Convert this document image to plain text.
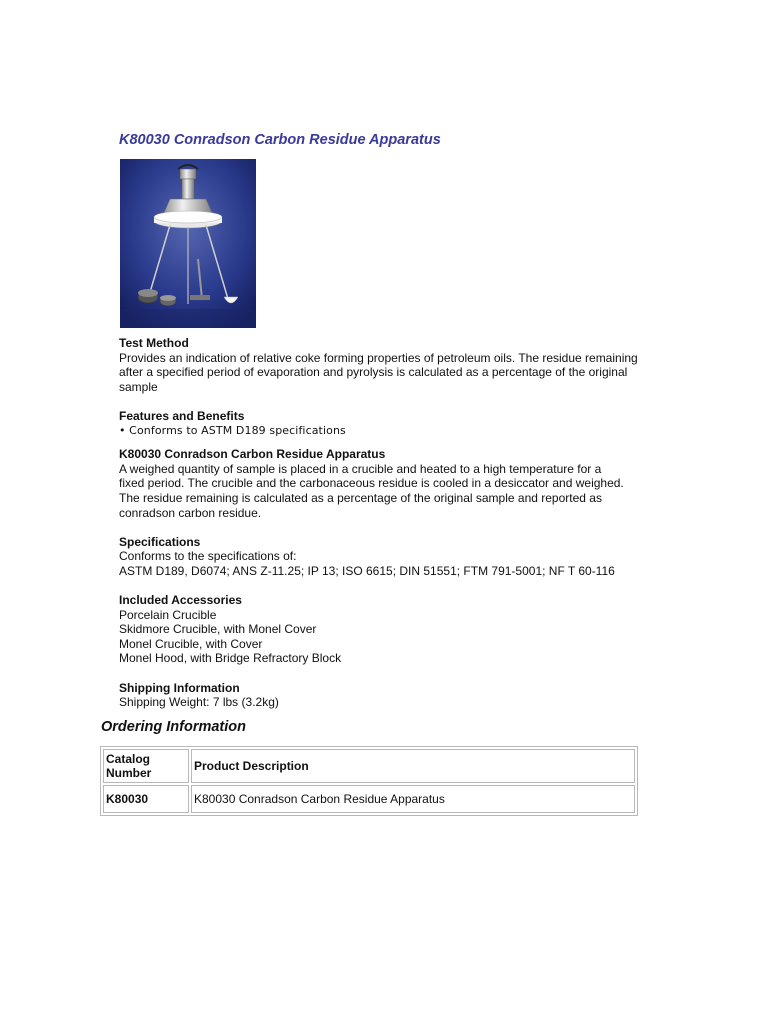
K80030 Conradson Carbon Residue Apparatus
Test Method
Provides an indication of relative coke forming properties of petroleum oils. The residue remaining
after a specified period of evaporation and pyrolysis is calculated as a percentage of the original
sample
Features and Benefits
• Conforms to ASTM D189 specifications
K80030 Conradson Carbon Residue Apparatus
A weighed quantity of sample is placed in a crucible and heated to a high temperature for a
fixed period. The crucible and the carbonaceous residue is cooled in a desiccator and weighed.
The residue remaining is calculated as a percentage of the original sample and reported as
conradson carbon residue.
Specifications
Conforms to the specifications of:
ASTM D189, D6074; ANS Z-11.25; IP 13; ISO 6615; DIN 51551; FTM 791-5001; NF T 60-116
Included Accessories
Porcelain Crucible
Skidmore Crucible, with Monel Cover
Monel Crucible, with Cover
Monel Hood, with Bridge Refractory Block
Shipping Information
Shipping Weight: 7 lbs (3.2kg)
Ordering Information
Catalog
Number	Product Description
K80030	K80030 Conradson Carbon Residue Apparatus
